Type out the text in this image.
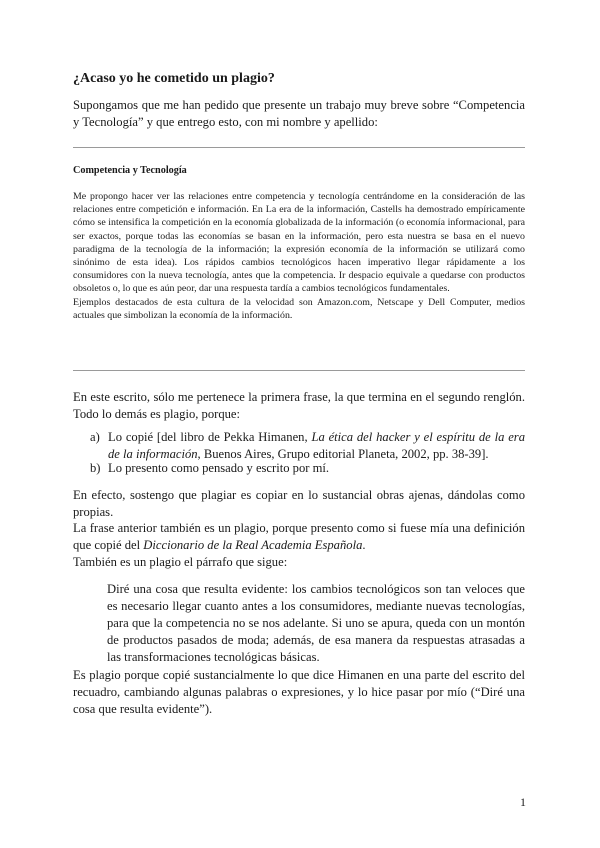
¿Acaso yo he cometido un plagio?

Supongamos que me han pedido que presente un trabajo muy breve sobre “Competencia y Tecnología” y que entrego esto, con mi nombre y apellido:

Competencia y Tecnología

Me propongo hacer ver las relaciones entre competencia y tecnología centrándome en la consideración de las relaciones entre competición e información. En La era de la información, Castells ha demostrado empíricamente cómo se intensifica la competición en la economía globalizada de la información (o economía informacional, para ser exactos, porque todas las economías se basan en la información, pero esta nuestra se basa en el nuevo paradigma de la tecnología de la información; la expresión economía de la información se utilizará como sinónimo de esta idea). Los rápidos cambios tecnológicos hacen imperativo llegar rápidamente a los consumidores con la nueva tecnología, antes que la competencia. Ir despacio equivale a quedarse con productos obsoletos o, lo que es aún peor, dar una respuesta tardía a cambios tecnológicos fundamentales.
Ejemplos destacados de esta cultura de la velocidad son Amazon.com, Netscape y Dell Computer, medios actuales que simbolizan la economía de la información.

En este escrito, sólo me pertenece la primera frase, la que termina en el segundo renglón. Todo lo demás es plagio, porque:

a) Lo copié [del libro de Pekka Himanen, La ética del hacker y el espíritu de la era de la información, Buenos Aires, Grupo editorial Planeta, 2002, pp. 38-39].
b) Lo presento como pensado y escrito por mí.

En efecto, sostengo que plagiar es copiar en lo sustancial obras ajenas, dándolas como propias.

La frase anterior también es un plagio, porque presento como si fuese mía una definición que copié del Diccionario de la Real Academia Española.

También es un plagio el párrafo que sigue:

Diré una cosa que resulta evidente: los cambios tecnológicos son tan veloces que es necesario llegar cuanto antes a los consumidores, mediante nuevas tecnologías, para que la competencia no se nos adelante. Si uno se apura, queda con un montón de productos pasados de moda; además, de esa manera da respuestas atrasadas a las transformaciones tecnológicas básicas.

Es plagio porque copié sustancialmente lo que dice Himanen en una parte del escrito del recuadro, cambiando algunas palabras o expresiones, y lo hice pasar por mío (“Diré una cosa que resulta evidente”).

1
